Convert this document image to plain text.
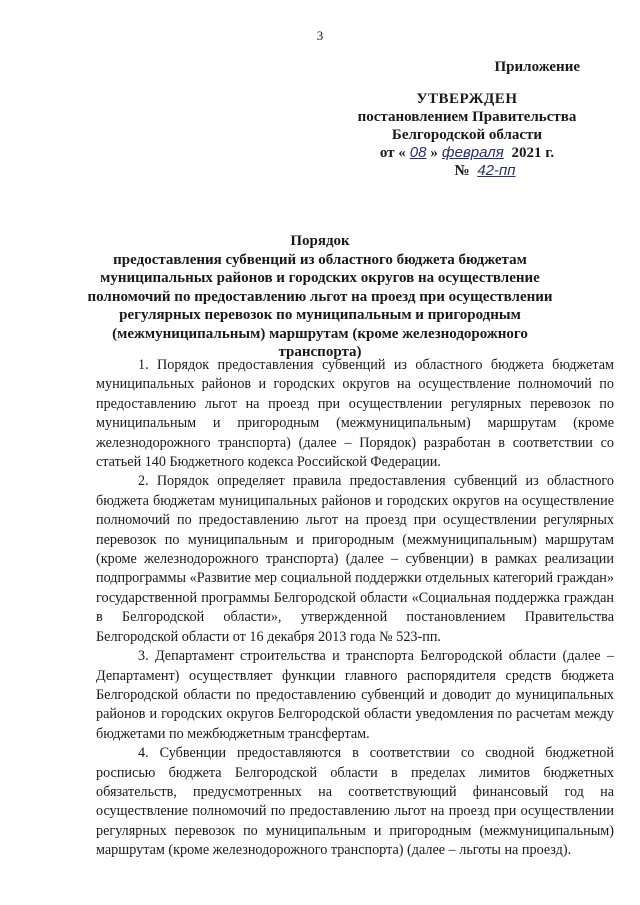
3
Приложение
УТВЕРЖДЕН
постановлением Правительства
Белгородской области
от « 08 » февраля 2021 г.
№ 42-пп
Порядок
предоставления субвенций из областного бюджета бюджетам
муниципальных районов и городских округов на осуществление
полномочий по предоставлению льгот на проезд при осуществлении
регулярных перевозок по муниципальным и пригородным
(межмуниципальным) маршрутам (кроме железнодорожного транспорта)

1. Порядок предоставления субвенций из областного бюджета бюджетам муниципальных районов и городских округов на осуществление полномочий по предоставлению льгот на проезд при осуществлении регулярных перевозок по муниципальным и пригородным (межмуниципальным) маршрутам (кроме железнодорожного транспорта) (далее – Порядок) разработан в соответствии со статьей 140 Бюджетного кодекса Российской Федерации.

2. Порядок определяет правила предоставления субвенций из областного бюджета бюджетам муниципальных районов и городских округов на осуществление полномочий по предоставлению льгот на проезд при осуществлении регулярных перевозок по муниципальным и пригородным (межмуниципальным) маршрутам (кроме железнодорожного транспорта) (далее – субвенции) в рамках реализации подпрограммы «Развитие мер социальной поддержки отдельных категорий граждан» государственной программы Белгородской области «Социальная поддержка граждан в Белгородской области», утвержденной постановлением Правительства Белгородской области от 16 декабря 2013 года № 523-пп.

3. Департамент строительства и транспорта Белгородской области (далее – Департамент) осуществляет функции главного распорядителя средств бюджета Белгородской области по предоставлению субвенций и доводит до муниципальных районов и городских округов Белгородской области уведомления по расчетам между бюджетами по межбюджетным трансфертам.

4. Субвенции предоставляются в соответствии со сводной бюджетной росписью бюджета Белгородской области в пределах лимитов бюджетных обязательств, предусмотренных на соответствующий финансовый год на осуществление полномочий по предоставлению льгот на проезд при осуществлении регулярных перевозок по муниципальным и пригородным (межмуниципальным) маршрутам (кроме железнодорожного транспорта) (далее – льготы на проезд).
